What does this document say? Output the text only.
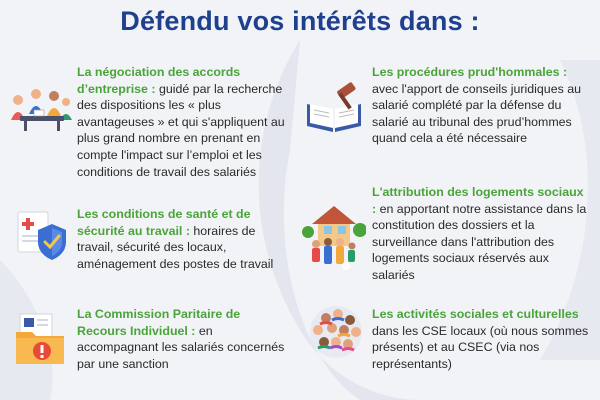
Défendu vos intérêts dans :
La négociation des accords d’entreprise : guidé par la recherche des dispositions les « plus avantageuses » et qui s'appliquent au plus grand nombre en prenant en compte l'impact sur l’emploi et les conditions de travail des salariés
Les procédures prud'hommales : avec l'apport de conseils juridiques au salarié complété par la défense du salarié au tribunal des prud’hommes quand cela a été nécessaire
Les conditions de santé et de sécurité au travail : horaires de travail, sécurité des locaux, aménagement des postes de travail
L'attribution des logements sociaux : en apportant notre assistance dans la constitution des dossiers et la surveillance dans l'attribution des logements sociaux réservés aux salariés
La Commission Paritaire de Recours Individuel : en accompagnant les salariés concernés par une sanction
Les activités sociales et culturelles dans les CSE locaux (où nous sommes présents) et au CSEC (via nos représentants)
